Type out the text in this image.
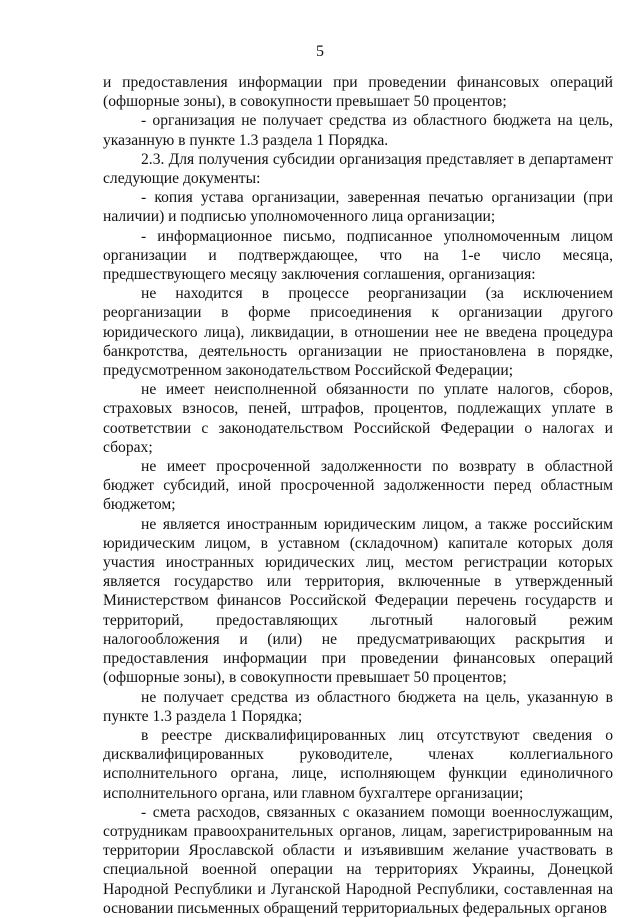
5

и предоставления информации при проведении финансовых операций (офшорные зоны), в совокупности превышает 50 процентов;

- организация не получает средства из областного бюджета на цель, указанную в пункте 1.3 раздела 1 Порядка.

2.3. Для получения субсидии организация представляет в департамент следующие документы:

- копия устава организации, заверенная печатью организации (при наличии) и подписью уполномоченного лица организации;

- информационное письмо, подписанное уполномоченным лицом организации и подтверждающее, что на 1-е число месяца, предшествующего месяцу заключения соглашения, организация:

не находится в процессе реорганизации (за исключением реорганизации в форме присоединения к организации другого юридического лица), ликвидации, в отношении нее не введена процедура банкротства, деятельность организации не приостановлена в порядке, предусмотренном законодательством Российской Федерации;

не имеет неисполненной обязанности по уплате налогов, сборов, страховых взносов, пеней, штрафов, процентов, подлежащих уплате в соответствии с законодательством Российской Федерации о налогах и сборах;

не имеет просроченной задолженности по возврату в областной бюджет субсидий, иной просроченной задолженности перед областным бюджетом;

не является иностранным юридическим лицом, а также российским юридическим лицом, в уставном (складочном) капитале которых доля участия иностранных юридических лиц, местом регистрации которых является государство или территория, включенные в утвержденный Министерством финансов Российской Федерации перечень государств и территорий, предоставляющих льготный налоговый режим налогообложения и (или) не предусматривающих раскрытия и предоставления информации при проведении финансовых операций (офшорные зоны), в совокупности превышает 50 процентов;

не получает средства из областного бюджета на цель, указанную в пункте 1.3 раздела 1 Порядка;

в реестре дисквалифицированных лиц отсутствуют сведения о дисквалифицированных руководителе, членах коллегиального исполнительного органа, лице, исполняющем функции единоличного исполнительного органа, или главном бухгалтере организации;

- смета расходов, связанных с оказанием помощи военнослужащим, сотрудникам правоохранительных органов, лицам, зарегистрированным на территории Ярославской области и изъявившим желание участвовать в специальной военной операции на территориях Украины, Донецкой Народной Республики и Луганской Народной Республики, составленная на основании письменных обращений территориальных федеральных органов
